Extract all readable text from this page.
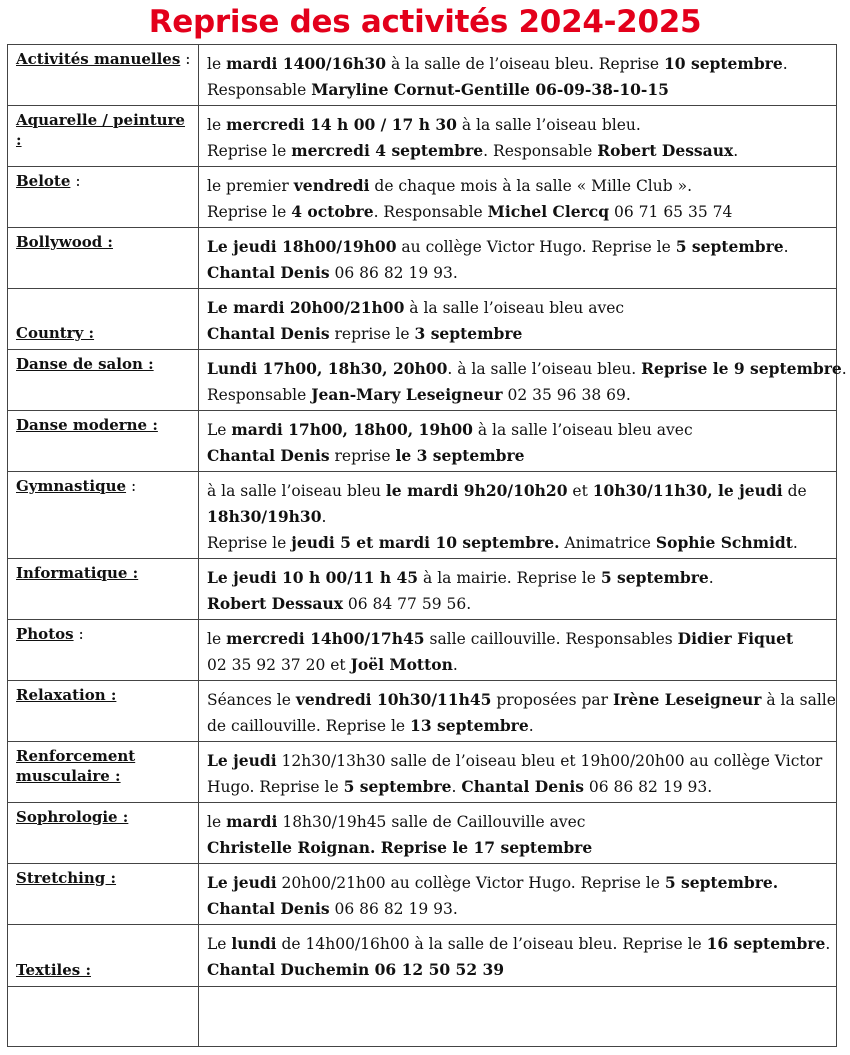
Reprise des activités 2024-2025
Activités manuelles :	le mardi 1400/16h30 à la salle de l’oiseau bleu. Reprise 10 septembre.
Responsable Maryline Cornut-Gentille 06-09-38-10-15

Aquarelle / peinture :	le mercredi 14 h 00 / 17 h 30 à la salle l’oiseau bleu.
Reprise le mercredi 4 septembre. Responsable Robert Dessaux.

Belote :	le premier vendredi de chaque mois à la salle « Mille Club ».
Reprise le 4 octobre. Responsable Michel Clercq 06 71 65 35 74

Bollywood :	Le jeudi 18h00/19h00 au collège Victor Hugo. Reprise le 5 septembre.
Chantal Denis 06 86 82 19 93.

Country :	Le mardi 20h00/21h00 à la salle l’oiseau bleu avec
Chantal Denis reprise le 3 septembre

Danse de salon :	Lundi 17h00, 18h30, 20h00. à la salle l’oiseau bleu. Reprise le 9 septembre.
Responsable Jean-Mary Leseigneur 02 35 96 38 69.

Danse moderne :	Le mardi 17h00, 18h00, 19h00 à la salle l’oiseau bleu avec
Chantal Denis reprise le 3 septembre

Gymnastique :	à la salle l’oiseau bleu le mardi 9h20/10h20 et 10h30/11h30, le jeudi de
18h30/19h30.
Reprise le jeudi 5 et mardi 10 septembre. Animatrice Sophie Schmidt.

Informatique :	Le jeudi 10 h 00/11 h 45 à la mairie. Reprise le 5 septembre.
Robert Dessaux 06 84 77 59 56.

Photos :	le mercredi 14h00/17h45 salle caillouville. Responsables Didier Fiquet
02 35 92 37 20 et Joël Motton.

Relaxation :	Séances le vendredi 10h30/11h45 proposées par Irène Leseigneur à la salle
de caillouville. Reprise le 13 septembre.

Renforcement musculaire :	Le jeudi 12h30/13h30 salle de l’oiseau bleu et 19h00/20h00 au collège Victor
Hugo. Reprise le 5 septembre. Chantal Denis 06 86 82 19 93.

Sophrologie :	le mardi 18h30/19h45 salle de Caillouville avec
Christelle Roignan. Reprise le 17 septembre

Stretching :	Le jeudi 20h00/21h00 au collège Victor Hugo. Reprise le 5 septembre.
Chantal Denis 06 86 82 19 93.

Textiles :	Le lundi de 14h00/16h00 à la salle de l’oiseau bleu. Reprise le 16 septembre.
Chantal Duchemin 06 12 50 52 39
